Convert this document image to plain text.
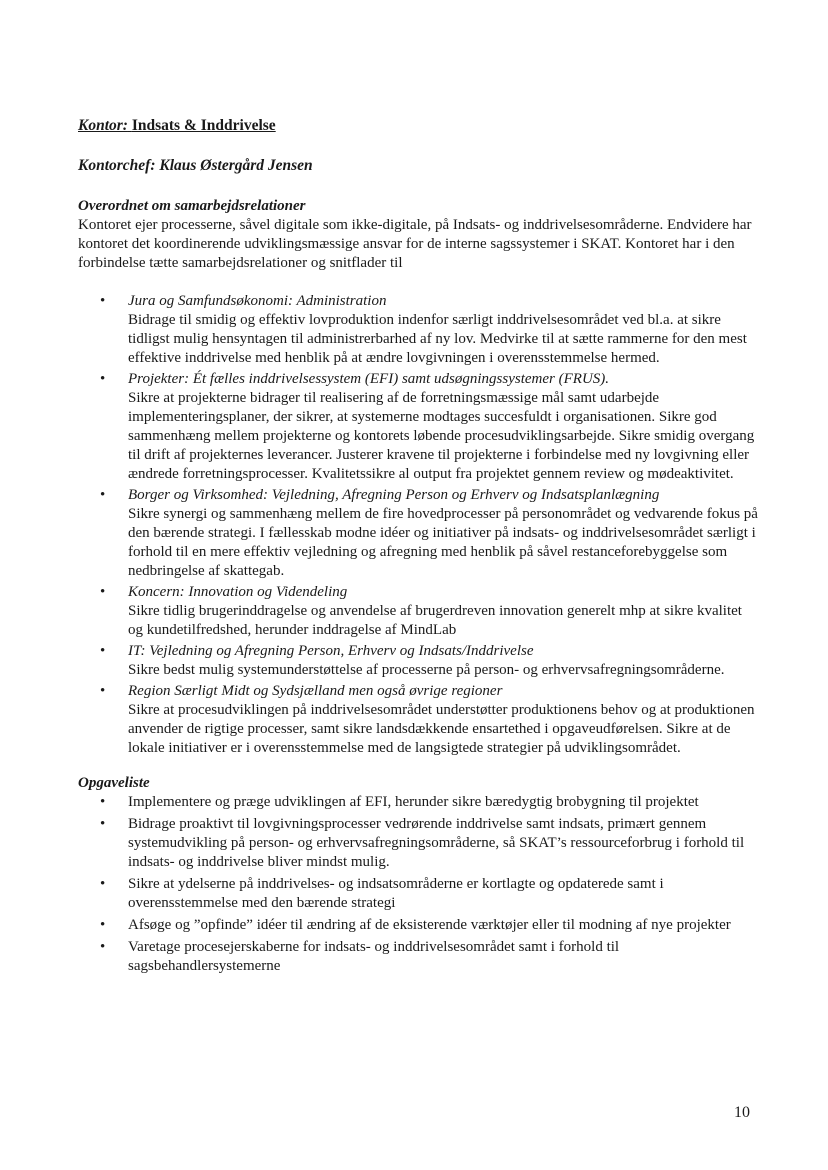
Kontor: Indsats & Inddrivelse

Kontorchef: Klaus Østergård Jensen

Overordnet om samarbejdsrelationer

Kontoret ejer processerne, såvel digitale som ikke-digitale, på Indsats- og inddrivelsesområderne. Endvidere har kontoret det koordinerende udviklingsmæssige ansvar for de interne sagssystemer i SKAT. Kontoret har i den forbindelse tætte samarbejdsrelationer og snitflader til

• Jura og Samfundsøkonomi: Administration
Bidrage til smidig og effektiv lovproduktion indenfor særligt inddrivelsesområdet ved bl.a. at sikre tidligst mulig hensyntagen til administrerbarhed af ny lov. Medvirke til at sætte rammerne for den mest effektive inddrivelse med henblik på at ændre lovgivningen i overensstemmelse hermed.
• Projekter: Ét fælles inddrivelsessystem (EFI) samt udsøgningssystemer (FRUS).
Sikre at projekterne bidrager til realisering af de forretningsmæssige mål samt udarbejde implementeringsplaner, der sikrer, at systemerne modtages succesfuldt i organisationen. Sikre god sammenhæng mellem projekterne og kontorets løbende procesudviklingsarbejde. Sikre smidig overgang til drift af projekternes leverancer. Justerer kravene til projekterne i forbindelse med ny lovgivning eller ændrede forretningsprocesser. Kvalitetssikre al output fra projektet gennem review og mødeaktivitet.
• Borger og Virksomhed: Vejledning, Afregning Person og Erhverv og Indsatsplanlægning
Sikre synergi og sammenhæng mellem de fire hovedprocesser på personområdet og vedvarende fokus på den bærende strategi. I fællesskab modne idéer og initiativer på indsats- og inddrivelsesområdet særligt i forhold til en mere effektiv vejledning og afregning med henblik på såvel restanceforebyggelse som nedbringelse af skattegab.
• Koncern: Innovation og Videndeling
Sikre tidlig brugerinddragelse og anvendelse af brugerdreven innovation generelt mhp at sikre kvalitet og kundetilfredshed, herunder inddragelse af MindLab
• IT: Vejledning og Afregning Person, Erhverv og Indsats/Inddrivelse
Sikre bedst mulig systemunderstøttelse af processerne på person- og erhvervsafregningsområderne.
• Region Særligt Midt og Sydsjælland men også øvrige regioner
Sikre at procesudviklingen på inddrivelsesområdet understøtter produktionens behov og at produktionen anvender de rigtige processer, samt sikre landsdækkende ensartethed i opgaveudførelsen. Sikre at de lokale initiativer er i overensstemmelse med de langsigtede strategier på udviklingsområdet.

Opgaveliste

• Implementere og præge udviklingen af EFI, herunder sikre bæredygtig brobygning til projektet
• Bidrage proaktivt til lovgivningsprocesser vedrørende inddrivelse samt indsats, primært gennem systemudvikling på person- og erhvervsafregningsområderne, så SKAT’s ressourceforbrug i forhold til indsats- og inddrivelse bliver mindst mulig.
• Sikre at ydelserne på inddrivelses- og indsatsområderne er kortlagte og opdaterede samt i overensstemmelse med den bærende strategi
• Afsøge og ”opfinde” idéer til ændring af de eksisterende værktøjer eller til modning af nye projekter
• Varetage procesejerskaberne for indsats- og inddrivelsesområdet samt i forhold til sagsbehandlersystemerne
10
